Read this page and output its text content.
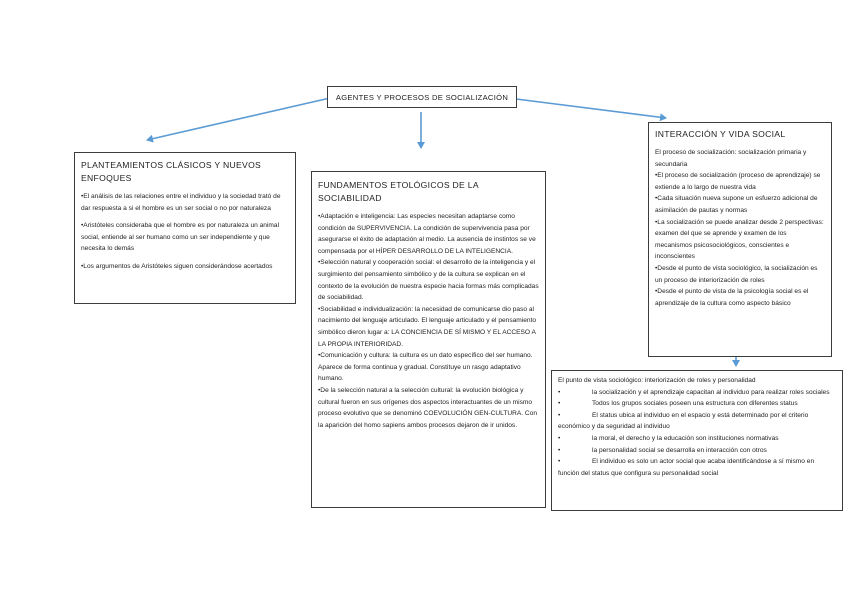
AGENTES Y PROCESOS DE SOCIALIZACIÓN
PLANTEAMIENTOS CLÁSICOS Y NUEVOS ENFOQUES

•El análisis de las relaciones entre el individuo y la sociedad trató de dar respuesta a si el hombre es un ser social o no por naturaleza

•Aristóteles consideraba que el hombre es por naturaleza un animal social, entiende al ser humano como un ser independiente y que necesita lo demás

•Los argumentos de Aristóteles siguen considerándose acertados

FUNDAMENTOS ETOLÓGICOS DE LA SOCIABILIDAD

•Adaptación e inteligencia: Las especies necesitan adaptarse como condición de SUPERVIVENCIA. La condición de supervivencia pasa por asegurarse el éxito de adaptación al medio. La ausencia de instintos se ve compensada por el HÍPER DESARROLLO DE LA INTELIGENCIA.

•Selección natural y cooperación social: el desarrollo de la inteligencia y el surgimiento del pensamiento simbólico y de la cultura se explican en el contexto de la evolución de nuestra especie hacia formas más complicadas de sociabilidad.

•Sociabilidad e individualización: la necesidad de comunicarse dio paso al nacimiento del lenguaje articulado. El lenguaje articulado y el pensamiento simbólico dieron lugar a: LA CONCIENCIA DE SÍ MISMO Y EL ACCESO A LA PROPIA INTERIORIDAD.

•Comunicación y cultura: la cultura es un dato específico del ser humano. Aparece de forma continua y gradual. Constituye un rasgo adaptativo humano.

•De la selección natural a la selección cultural: la evolución biológica y cultural fueron en sus orígenes dos aspectos interactuantes de un mismo proceso evolutivo que se denominó COEVOLUCIÓN GEN-CULTURA. Con la aparición del homo sapiens ambos procesos dejaron de ir unidos.

INTERACCIÓN Y VIDA SOCIAL

El proceso de socialización: socialización primaria y secundaria

•El proceso de socialización (proceso de aprendizaje) se extiende a lo largo de nuestra vida

•Cada situación nueva supone un esfuerzo adicional de asimilación de pautas y normas

•La socialización se puede analizar desde 2 perspectivas: examen del que se aprende y examen de los mecanismos psicosociológicos, conscientes e inconscientes

•Desde el punto de vista sociológico, la socialización es un proceso de interiorización de roles

•Desde el punto de vista de la psicología social es el aprendizaje de la cultura como aspecto básico

El punto de vista sociológico: interiorización de roles y personalidad

•	la socialización y el aprendizaje capacitan al individuo para realizar roles sociales

•	Todos los grupos sociales poseen una estructura con diferentes status

•	El status ubica al individuo en el espacio y está determinado por el criterio económico y da seguridad al individuo

•	la moral, el derecho y la educación son instituciones normativas

•	la personalidad social se desarrolla en interacción con otros

•	El individuo es solo un actor social que acaba identificándose a sí mismo en función del status que configura su personalidad social
